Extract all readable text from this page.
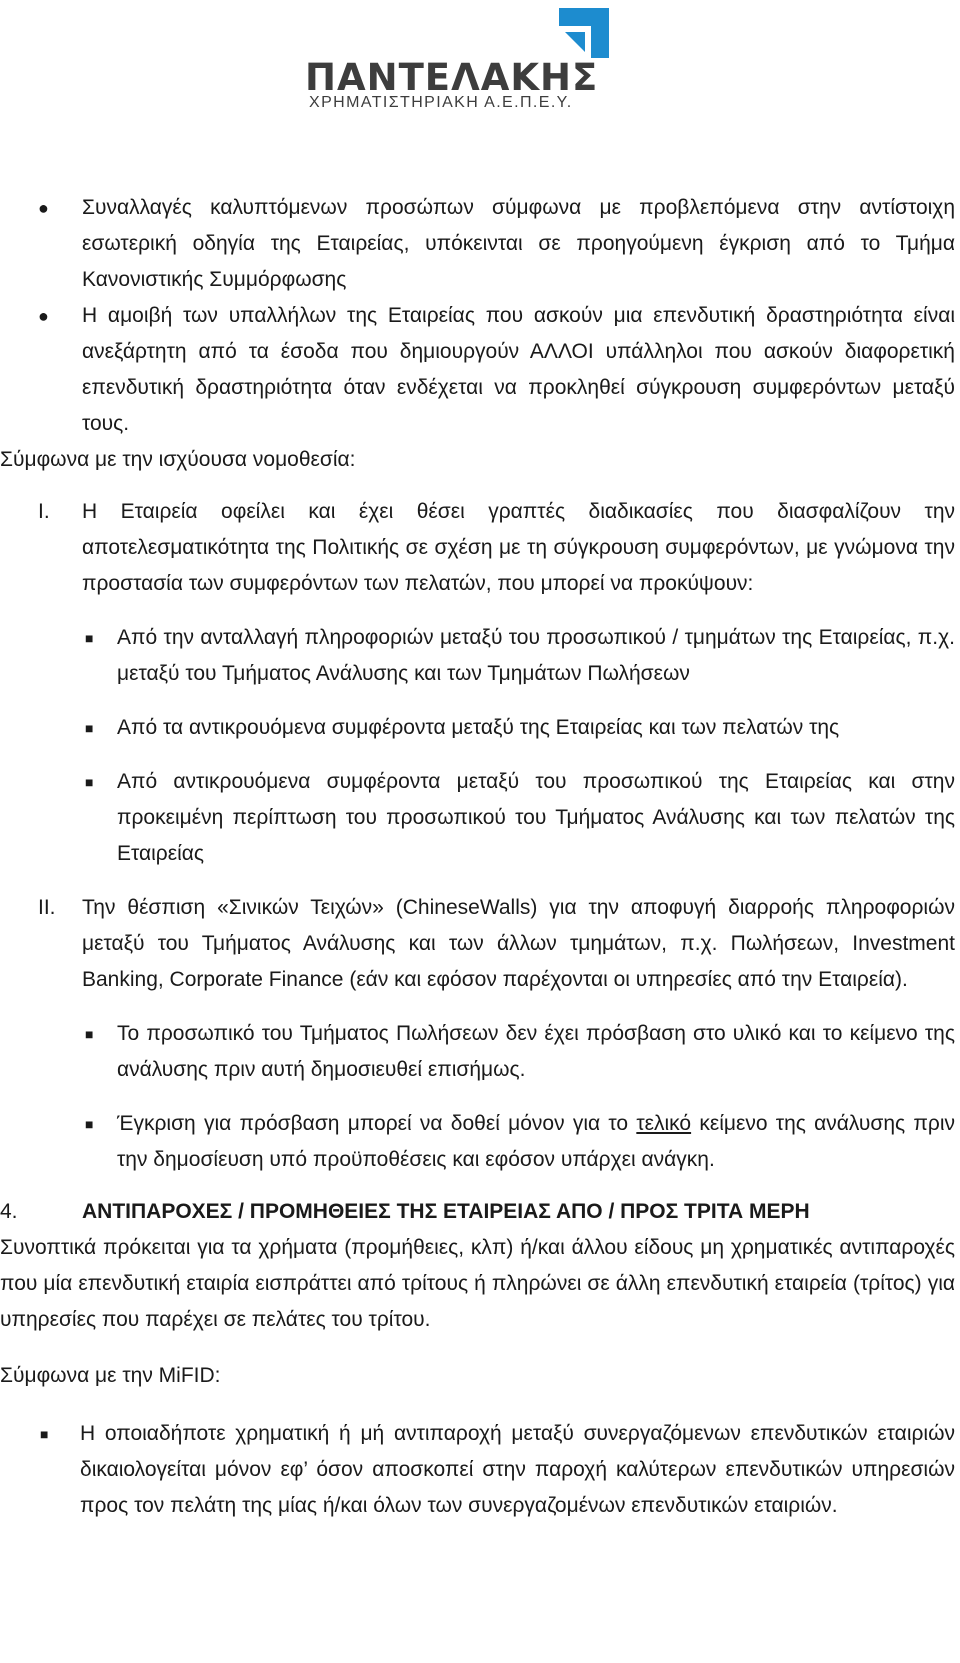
ΠΑΝΤΕΛΑΚΗΣ
ΧΡΗΜΑΤΙΣΤΗΡΙΑΚΗ Α.Ε.Π.Ε.Υ.
● Συναλλαγές καλυπτόμενων προσώπων σύμφωνα με προβλεπόμενα στην αντίστοιχη εσωτερική οδηγία της Εταιρείας, υπόκεινται σε προηγούμενη έγκριση από το Τμήμα Κανονιστικής Συμμόρφωσης
● Η αμοιβή των υπαλλήλων της Εταιρείας που ασκούν μια επενδυτική δραστηριότητα είναι ανεξάρτητη από τα έσοδα που δημιουργούν ΑΛΛΟΙ υπάλληλοι που ασκούν διαφορετική επενδυτική δραστηριότητα όταν ενδέχεται να προκληθεί σύγκρουση συμφερόντων μεταξύ τους.
Σύμφωνα με την ισχύουσα νομοθεσία:
I. Η Εταιρεία οφείλει και έχει θέσει γραπτές διαδικασίες που διασφαλίζουν την αποτελεσματικότητα της Πολιτικής σε σχέση με τη σύγκρουση συμφερόντων, με γνώμονα την προστασία των συμφερόντων των πελατών, που μπορεί να προκύψουν:
■ Από την ανταλλαγή πληροφοριών μεταξύ του προσωπικού / τμημάτων της Εταιρείας, π.χ. μεταξύ του Τμήματος Ανάλυσης και των Τμημάτων Πωλήσεων
■ Από τα αντικρουόμενα συμφέροντα μεταξύ της Εταιρείας και των πελατών της
■ Από αντικρουόμενα συμφέροντα μεταξύ του προσωπικού της Εταιρείας και στην προκειμένη περίπτωση του προσωπικού του Τμήματος Ανάλυσης και των πελατών της Εταιρείας
II. Την θέσπιση «Σινικών Τειχών» (ChineseWalls) για την αποφυγή διαρροής πληροφοριών μεταξύ του Τμήματος Ανάλυσης και των άλλων τμημάτων, π.χ. Πωλήσεων, Investment Banking, Corporate Finance (εάν και εφόσον παρέχονται οι υπηρεσίες από την Εταιρεία).
■ Το προσωπικό του Τμήματος Πωλήσεων δεν έχει πρόσβαση στο υλικό και το κείμενο της ανάλυσης πριν αυτή δημοσιευθεί επισήμως.
■ Έγκριση για πρόσβαση μπορεί να δοθεί μόνον για το τελικό κείμενο της ανάλυσης πριν την δημοσίευση υπό προϋποθέσεις και εφόσον υπάρχει ανάγκη.
4.	ΑΝΤΙΠΑΡΟΧΕΣ / ΠΡΟΜΗΘΕΙΕΣ ΤΗΣ ΕΤΑΙΡΕΙΑΣ ΑΠΟ / ΠΡΟΣ ΤΡΙΤΑ ΜΕΡΗ
Συνοπτικά πρόκειται για τα χρήματα (προμήθειες, κλπ) ή/και άλλου είδους μη χρηματικές αντιπαροχές που μία επενδυτική εταιρία εισπράττει από τρίτους ή πληρώνει σε άλλη επενδυτική εταιρεία (τρίτος) για υπηρεσίες που παρέχει σε πελάτες του τρίτου.
Σύμφωνα με την MiFID:
■ Η οποιαδήποτε χρηματική ή μή αντιπαροχή μεταξύ συνεργαζόμενων επενδυτικών εταιριών δικαιολογείται μόνον εφ’ όσον αποσκοπεί στην παροχή καλύτερων επενδυτικών υπηρεσιών προς τον πελάτη της μίας ή/και όλων των συνεργαζομένων επενδυτικών εταιριών.
